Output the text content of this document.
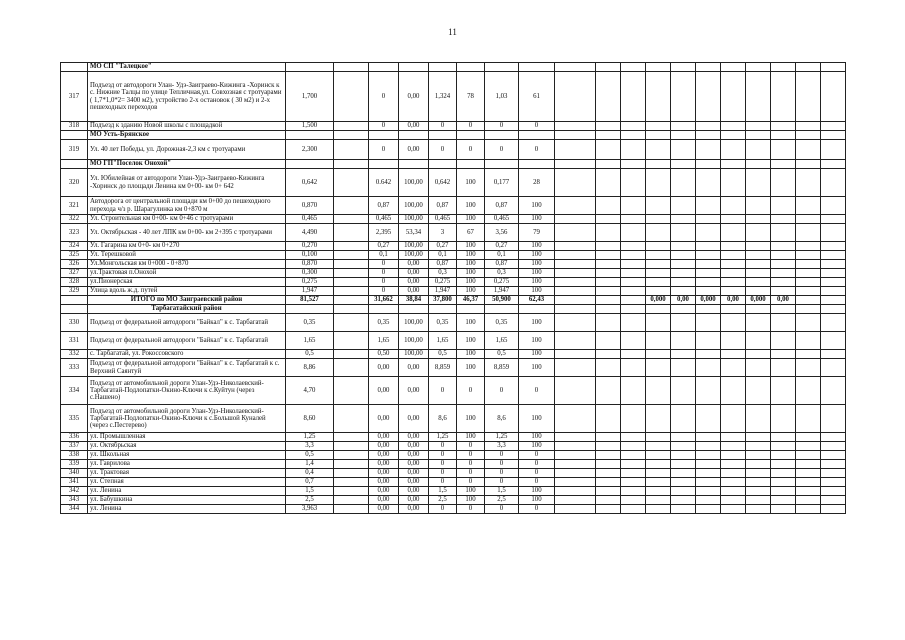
11
	МО СП "Талецкое"																			
317	Подъезд от автодороги Улан- Удэ-Заиграево-Кижинга -Хоринск к с. Нижние Талцы по улице Тепличная,ул. Совхозная с тротуарами ( 1,7*1,0*2= 3400 м2), устройство 2-х остановок ( 30 м2) и 2-х пешеходных переходов	1,700		0	0,00	1,324	78	1,03	61											
318	Подъезд к зданию Новой школы с площадкой	1,500		0	0,00	0	0	0	0											
	МО Усть-Брянское																			
319	Ул. 40 лет Победы, ул. Дорожная-2,3 км с тротуарами	2,300		0	0,00	0	0	0	0											
	МО ГП"Поселок Онохой"																			
320	Ул. Юбилейная от автодороги Улан-Удэ-Заиграево-Кижинга -Хоринск до площади Ленина км 0+00- км 0+ 642	0,642		0.642	100,00	0,642	100	0,177	28											
321	Автодорога от центральной площади км 0+00 до пешеходного перехода ч/з р. Шарагулинка км 0+870 м	0,870		0,87	100,00	0,87	100	0,87	100											
322	Ул. Строительная км 0+00- км 0+46 с тротуарами	0,465		0,465	100,00	0,465	100	0,465	100											
323	Ул. Октябрьская - 40 лет ЛПК км 0+00- км 2+395 с тротуарами	4,490		2,395	53,34	3	67	3,56	79											
324	Ул. Гагарина км 0+0- км 0+270	0,270		0,27	100,00	0,27	100	0,27	100											
325	Ул. Терешковой	0,100		0,1	100,00	0,1	100	0,1	100											
326	Ул.Монгольская км 0+000 - 0+870	0,870		0	0,00	0,87	100	0,87	100											
327	ул.Трактовая п.Онохой	0,300		0	0,00	0,3	100	0,3	100											
328	ул.Пионерская	0,275		0	0,00	0,275	100	0,275	100											
329	Улица вдоль ж.д. путей	1,947		0	0,00	1,947	100	1,947	100											
	ИТОГО по МО Заиграевский район	81,527		31,662	38,84	37,800	46,37	50,900	62,43				0,000	0,00	0,000	0,00	0,000	0,00		
	Тарбагатайский район																			
330	Подъезд от федеральной автодороги "Байкал" к с. Тарбагатай	0,35		0,35	100,00	0,35	100	0,35	100											
331	Подъезд от федеральной автодороги "Байкал" к с. Тарбагатай	1,65		1,65	100,00	1,65	100	1,65	100											
332	с. Тарбагатай, ул. Рокоссовского	0,5		0,50	100,00	0,5	100	0,5	100											
333	Подъезд от федеральной автодороги "Байкал" к с. Тарбагатай к с. Верхний Саянтуй	8,86		0,00	0,00	8,859	100	8,859	100											
334	Подъезд от автомобильной дороги Улан-Удэ-Николаевский-Тарбагатай-Подлопатки-Окино-Ключи к с.Куйтун (через с.Нашено)	4,70		0,00	0,00	0	0	0	0											
335	Подъезд от автомобильной дороги Улан-Удэ-Николаевский-Тарбагатай-Подлопатки-Окино-Ключи к с.Большой Куналей (через с.Пестерево)	8,60		0,00	0,00	8,6	100	8,6	100											
336	ул. Промышленная	1,25		0,00	0,00	1,25	100	1,25	100											
337	ул. Октябрьская	3,3		0,00	0,00	0	0	3,3	100											
338	ул. Школьная	0,5		0,00	0,00	0	0	0	0											
339	ул. Гаврилова	1,4		0,00	0,00	0	0	0	0											
340	ул. Трактовая	0,4		0,00	0,00	0	0	0	0											
341	ул. Степная	0,7		0,00	0,00	0	0	0	0											
342	ул. Ленина	1,5		0,00	0,00	1,5	100	1,5	100											
343	ул. Бабушкина	2,5		0,00	0,00	2,5	100	2,5	100											
344	ул. Ленина	3,963		0,00	0,00	0	0	0	0											
